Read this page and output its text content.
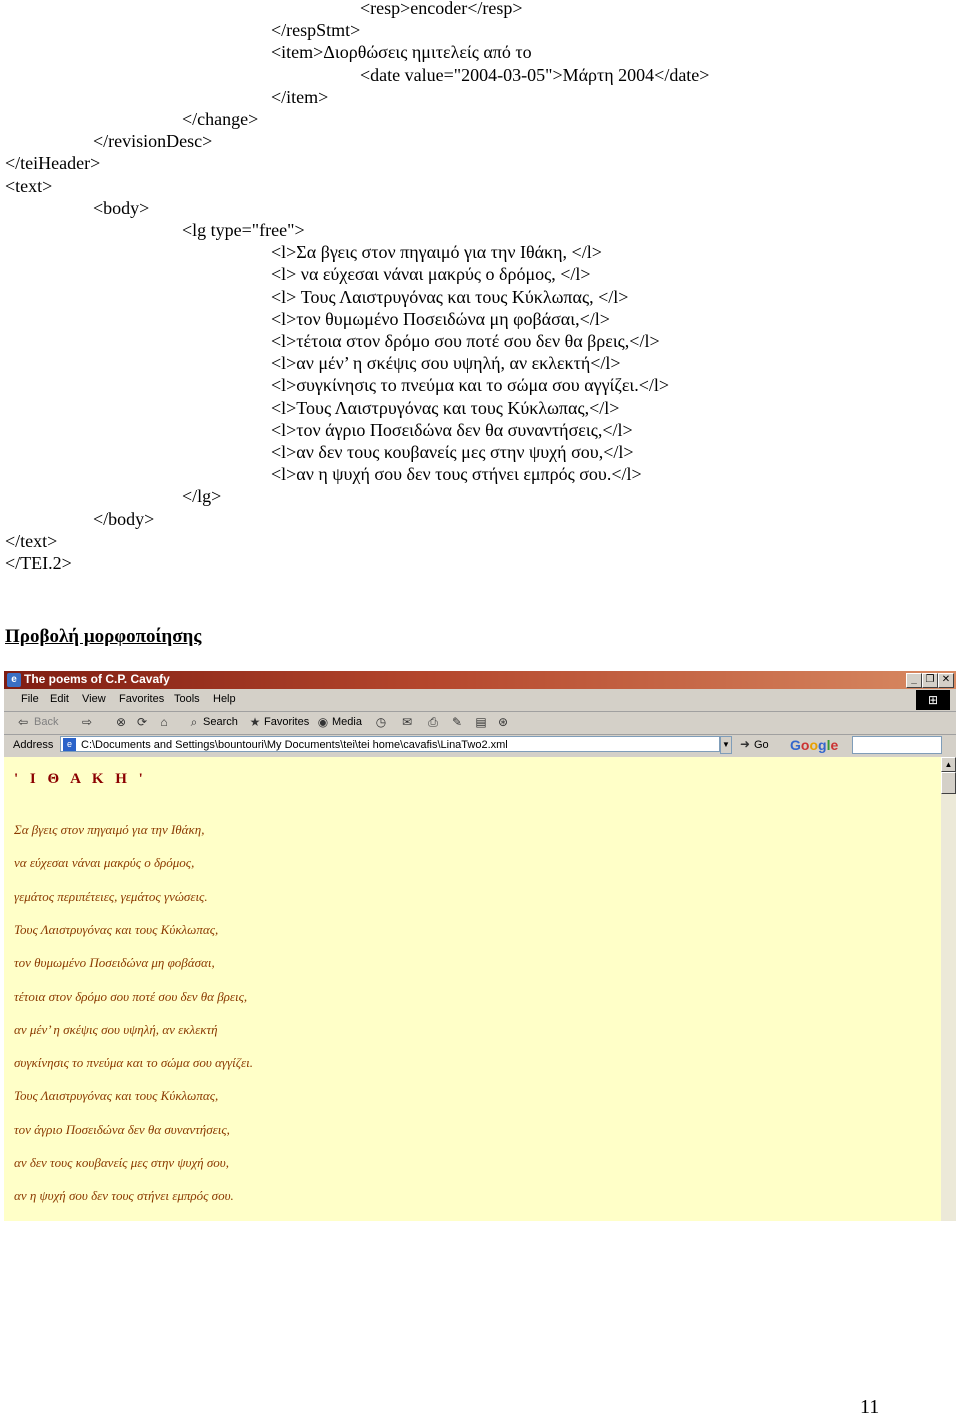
<resp>encoder</resp>
</respStmt>
<item>Διορθώσεις ημιτελείς από το
<date value="2004-03-05">Μάρτη 2004</date>
</item>
</change>
</revisionDesc>
</teiHeader>
<text>
<body>
<lg type="free">
<l>Σα βγεις στον πηγαιμό για την Ιθάκη, </l>
<l> να εύχεσαι νάναι μακρύς ο δρόμος, </l>
<l> Τους Λαιστρυγόνας και τους Κύκλωπας, </l>
<l>τον θυμωμένο Ποσειδώνα μη φοβάσαι,</l>
<l>τέτοια στον δρόμο σου ποτέ σου δεν θα βρεις,</l>
<l>αν μέν’ η σκέψις σου υψηλή, αν εκλεκτή</l>
<l>συγκίνησις το πνεύμα και το σώμα σου αγγίζει.</l>
<l>Τους Λαιστρυγόνας και τους Κύκλωπας,</l>
<l>τον άγριο Ποσειδώνα δεν θα συναντήσεις,</l>
<l>αν δεν τους κουβανείς μες στην ψυχή σου,</l>
<l>αν η ψυχή σου δεν τους στήνει εμπρός σου.</l>
</lg>
</body>
</text>
</TEI.2>
Προβολή μορφοποίησης
e The poems of C.P. Cavafy	_ ❐ ✕
File Edit View Favorites Tools Help	⊞
⇦ Back ⇨ ⊗ ⟳ ⌂	⌕ Search ★ Favorites ◉ Media ◷ ✉ ⎙ ✎ ▤ ⊛
Address	C:\Documents and Settings\bountouri\My Documents\tei\tei home\cavafis\LinaTwo2.xml
e	▼ ➜ Go Google
' Ι Θ Α Κ Η '
Σα βγεις στον πηγαιμό για την Ιθάκη,
να εύχεσαι νάναι μακρύς ο δρόμος,
γεμάτος περιπέτειες, γεμάτος γνώσεις.
Τους Λαιστρυγόνας και τους Κύκλωπας,
τον θυμωμένο Ποσειδώνα μη φοβάσαι,
τέτοια στον δρόμο σου ποτέ σου δεν θα βρεις,
αν μέν’ η σκέψις σου υψηλή, αν εκλεκτή
συγκίνησις το πνεύμα και το σώμα σου αγγίζει.
Τους Λαιστρυγόνας και τους Κύκλωπας,
τον άγριο Ποσειδώνα δεν θα συναντήσεις,
αν δεν τους κουβανείς μες στην ψυχή σου,
αν η ψυχή σου δεν τους στήνει εμπρός σου.
▲
11
